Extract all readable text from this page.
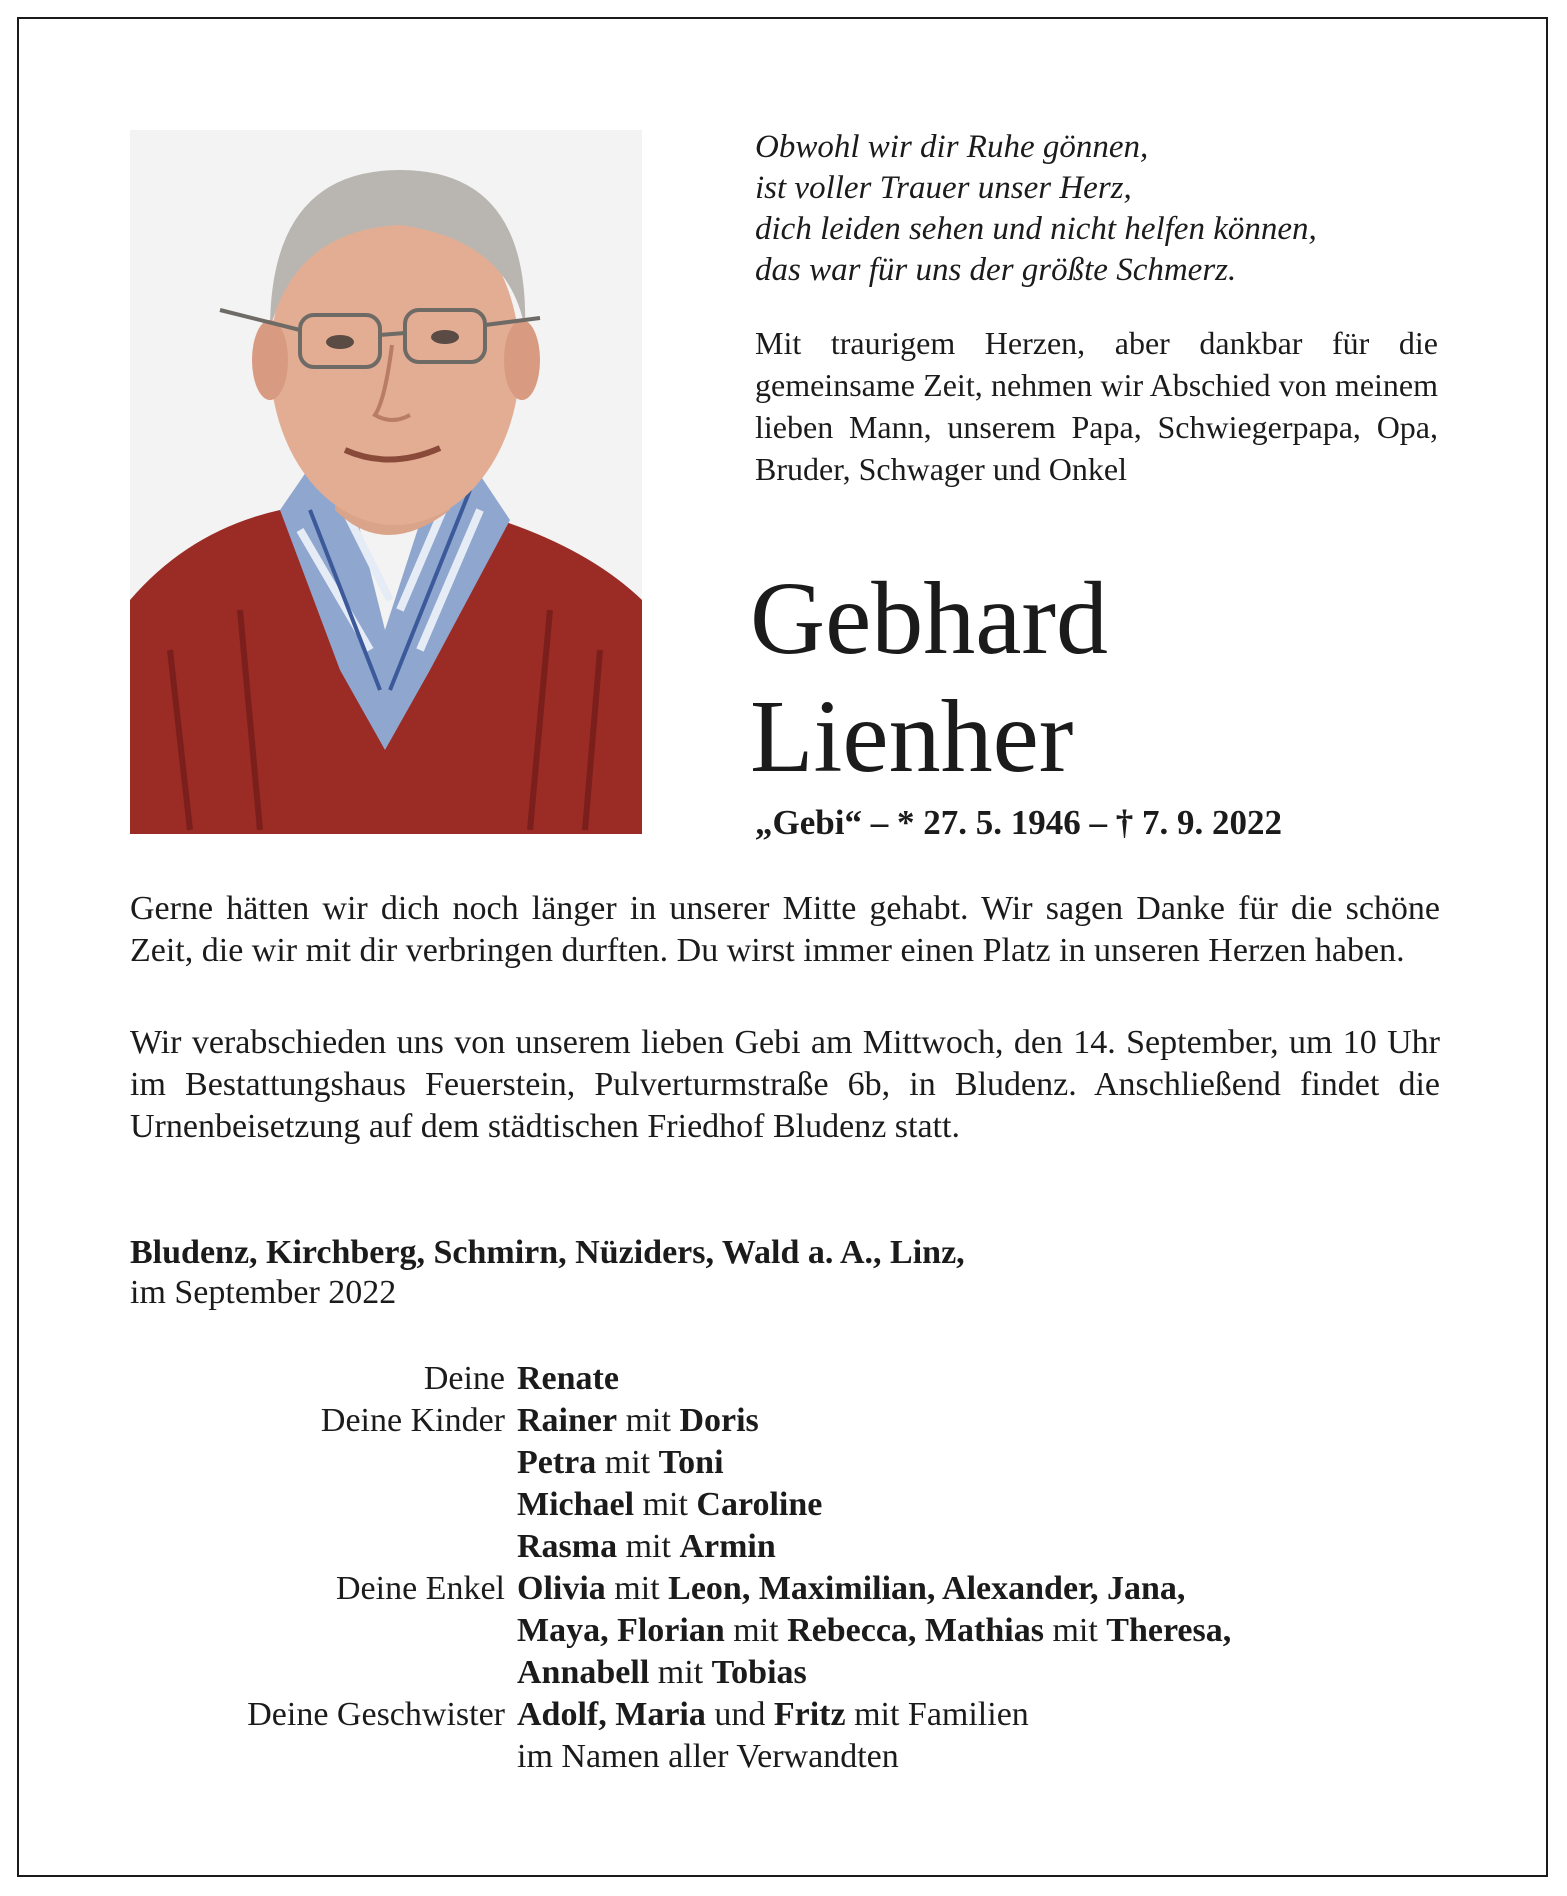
Obwohl wir dir Ruhe gönnen,
ist voller Trauer unser Herz,
dich leiden sehen und nicht helfen können,
das war für uns der größte Schmerz.
Mit traurigem Herzen, aber dankbar für die gemeinsame Zeit, nehmen wir Abschied von meinem lieben Mann, unserem Papa, Schwiegerpapa, Opa, Bruder, Schwager und Onkel
Gebhard
Lienher
„Gebi“ – * 27. 5. 1946 – † 7. 9. 2022

Gerne hätten wir dich noch länger in unserer Mitte gehabt. Wir sagen Danke für die schöne Zeit, die wir mit dir verbringen durften. Du wirst immer einen Platz in unseren Herzen haben.

Wir verabschieden uns von unserem lieben Gebi am Mittwoch, den 14. September, um 10 Uhr im Bestattungshaus Feuerstein, Pulverturmstraße 6b, in Bludenz. Anschließend findet die Urnenbeisetzung auf dem städtischen Friedhof Bludenz statt.

Bludenz, Kirchberg, Schmirn, Nüziders, Wald a. A., Linz,
im September 2022
Deine Renate
Deine Kinder Rainer mit Doris
Petra mit Toni
Michael mit Caroline
Rasma mit Armin
Deine Enkel Olivia mit Leon, Maximilian, Alexander, Jana,
Maya, Florian mit Rebecca, Mathias mit Theresa,
Annabell mit Tobias
Deine Geschwister Adolf, Maria und Fritz mit Familien
im Namen aller Verwandten
